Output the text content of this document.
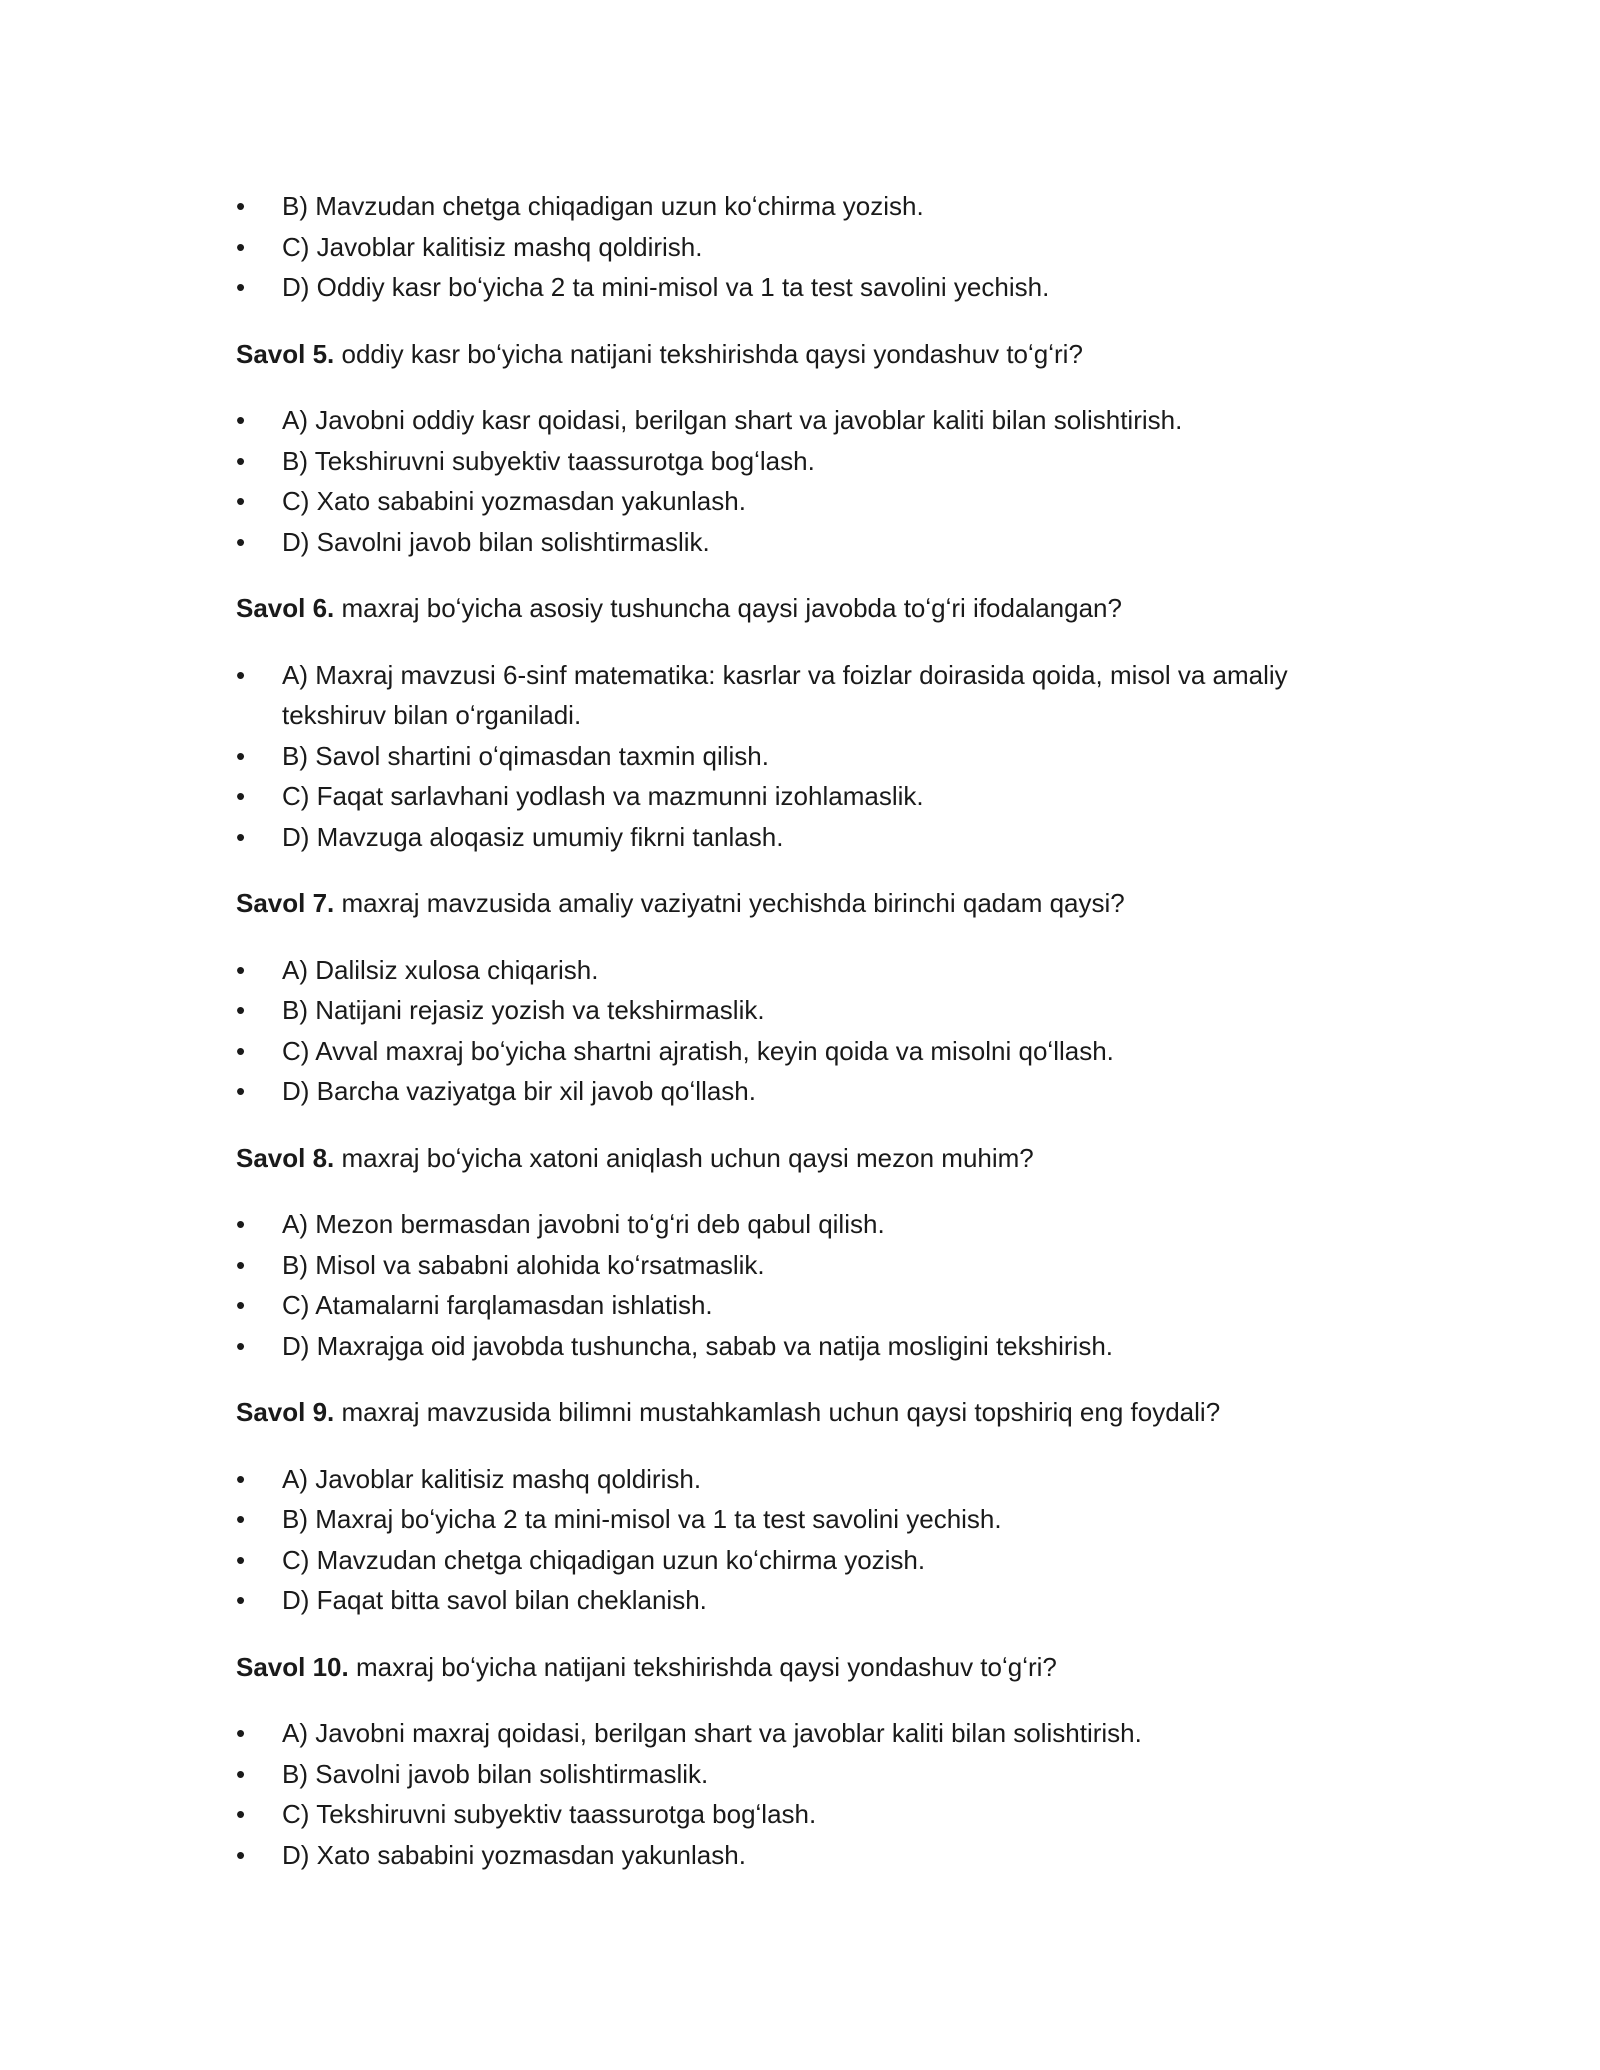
•	B) Mavzudan chetga chiqadigan uzun koʻchirma yozish.
•	C) Javoblar kalitisiz mashq qoldirish.
•	D) Oddiy kasr boʻyicha 2 ta mini-misol va 1 ta test savolini yechish.

Savol 5. oddiy kasr boʻyicha natijani tekshirishda qaysi yondashuv toʻgʻri?

•	A) Javobni oddiy kasr qoidasi, berilgan shart va javoblar kaliti bilan solishtirish.
•	B) Tekshiruvni subyektiv taassurotga bogʻlash.
•	C) Xato sababini yozmasdan yakunlash.
•	D) Savolni javob bilan solishtirmaslik.

Savol 6. maxraj boʻyicha asosiy tushuncha qaysi javobda toʻgʻri ifodalangan?

•	A) Maxraj mavzusi 6-sinf matematika: kasrlar va foizlar doirasida qoida, misol va amaliy tekshiruv bilan oʻrganiladi.
•	B) Savol shartini oʻqimasdan taxmin qilish.
•	C) Faqat sarlavhani yodlash va mazmunni izohlamaslik.
•	D) Mavzuga aloqasiz umumiy fikrni tanlash.

Savol 7. maxraj mavzusida amaliy vaziyatni yechishda birinchi qadam qaysi?

•	A) Dalilsiz xulosa chiqarish.
•	B) Natijani rejasiz yozish va tekshirmaslik.
•	C) Avval maxraj boʻyicha shartni ajratish, keyin qoida va misolni qoʻllash.
•	D) Barcha vaziyatga bir xil javob qoʻllash.

Savol 8. maxraj boʻyicha xatoni aniqlash uchun qaysi mezon muhim?

•	A) Mezon bermasdan javobni toʻgʻri deb qabul qilish.
•	B) Misol va sababni alohida koʻrsatmaslik.
•	C) Atamalarni farqlamasdan ishlatish.
•	D) Maxrajga oid javobda tushuncha, sabab va natija mosligini tekshirish.

Savol 9. maxraj mavzusida bilimni mustahkamlash uchun qaysi topshiriq eng foydali?

•	A) Javoblar kalitisiz mashq qoldirish.
•	B) Maxraj boʻyicha 2 ta mini-misol va 1 ta test savolini yechish.
•	C) Mavzudan chetga chiqadigan uzun koʻchirma yozish.
•	D) Faqat bitta savol bilan cheklanish.

Savol 10. maxraj boʻyicha natijani tekshirishda qaysi yondashuv toʻgʻri?

•	A) Javobni maxraj qoidasi, berilgan shart va javoblar kaliti bilan solishtirish.
•	B) Savolni javob bilan solishtirmaslik.
•	C) Tekshiruvni subyektiv taassurotga bogʻlash.
•	D) Xato sababini yozmasdan yakunlash.
